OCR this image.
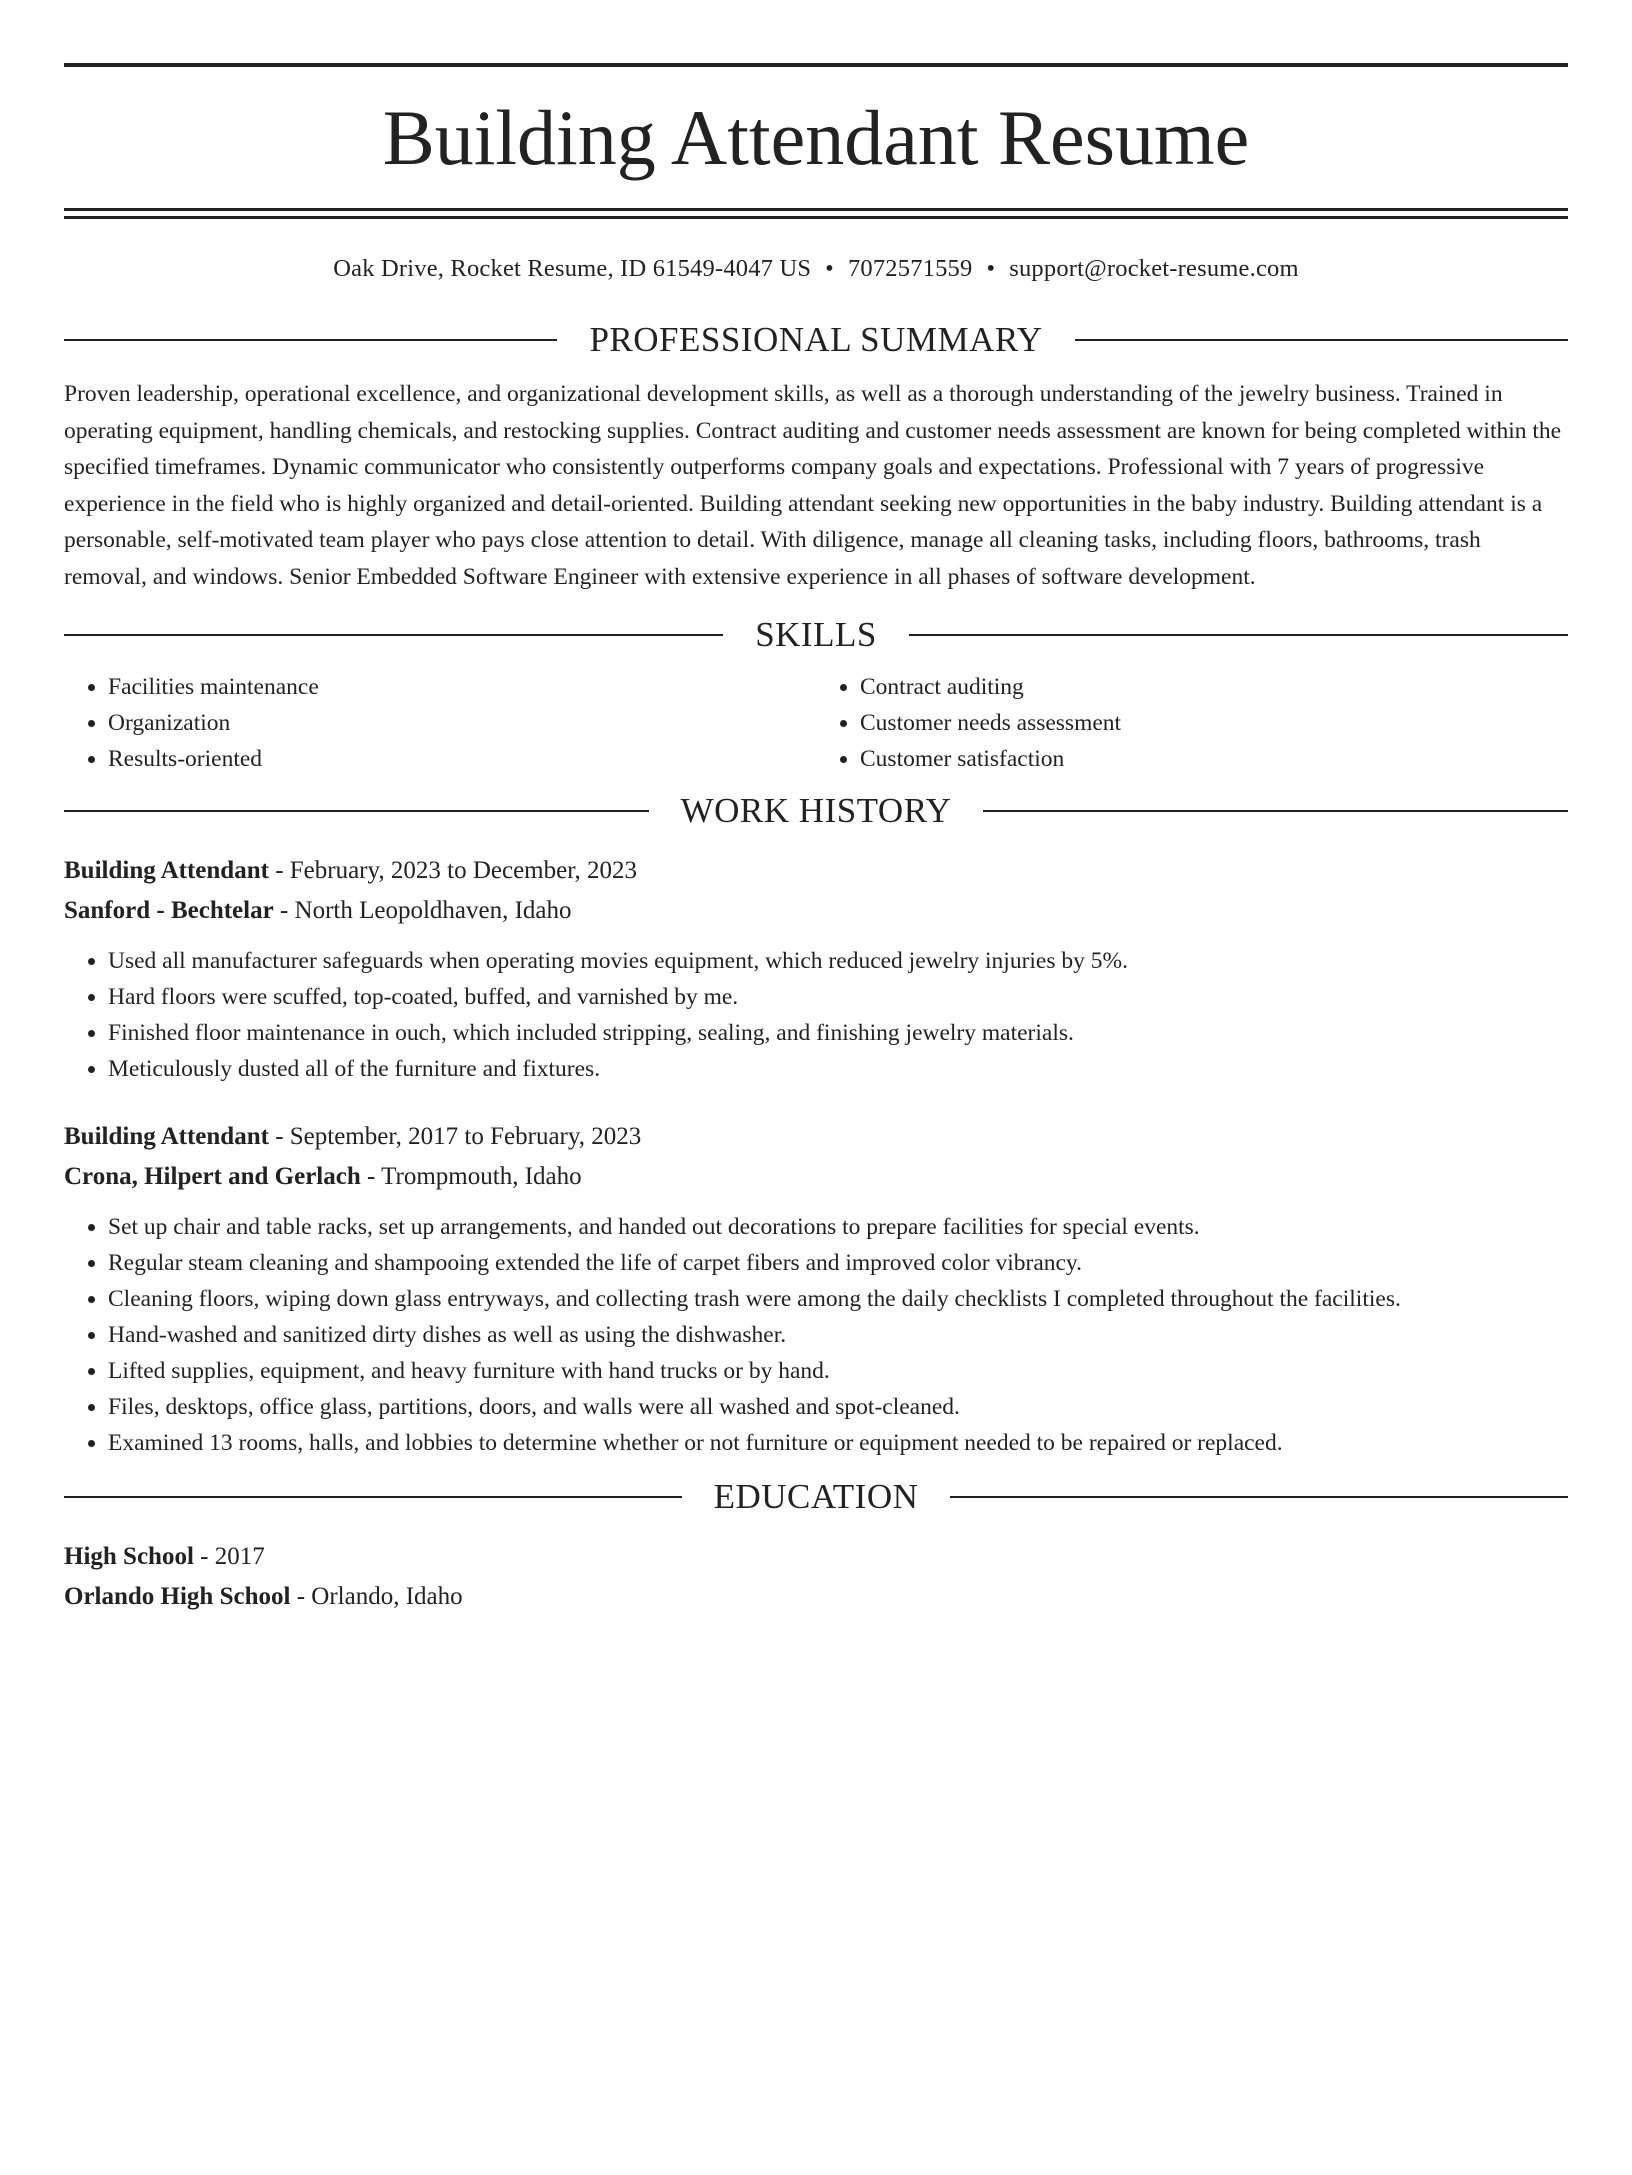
Building Attendant Resume
Oak Drive, Rocket Resume, ID 61549-4047 US • 7072571559 • support@rocket-resume.com
PROFESSIONAL SUMMARY

Proven leadership, operational excellence, and organizational development skills, as well as a thorough understanding of the jewelry business. Trained in operating equipment, handling chemicals, and restocking supplies. Contract auditing and customer needs assessment are known for being completed within the specified timeframes. Dynamic communicator who consistently outperforms company goals and expectations. Professional with 7 years of progressive experience in the field who is highly organized and detail-oriented. Building attendant seeking new opportunities in the baby industry. Building attendant is a personable, self-motivated team player who pays close attention to detail. With diligence, manage all cleaning tasks, including floors, bathrooms, trash removal, and windows. Senior Embedded Software Engineer with extensive experience in all phases of software development.

SKILLS
• Facilities maintenance
• Organization
• Results-oriented
• Contract auditing
• Customer needs assessment
• Customer satisfaction
WORK HISTORY

Building Attendant - February, 2023 to December, 2023

Sanford - Bechtelar - North Leopoldhaven, Idaho

• Used all manufacturer safeguards when operating movies equipment, which reduced jewelry injuries by 5%.
• Hard floors were scuffed, top-coated, buffed, and varnished by me.
• Finished floor maintenance in ouch, which included stripping, sealing, and finishing jewelry materials.
• Meticulously dusted all of the furniture and fixtures.

Building Attendant - September, 2017 to February, 2023

Crona, Hilpert and Gerlach - Trompmouth, Idaho

• Set up chair and table racks, set up arrangements, and handed out decorations to prepare facilities for special events.
• Regular steam cleaning and shampooing extended the life of carpet fibers and improved color vibrancy.
• Cleaning floors, wiping down glass entryways, and collecting trash were among the daily checklists I completed throughout the facilities.
• Hand-washed and sanitized dirty dishes as well as using the dishwasher.
• Lifted supplies, equipment, and heavy furniture with hand trucks or by hand.
• Files, desktops, office glass, partitions, doors, and walls were all washed and spot-cleaned.
• Examined 13 rooms, halls, and lobbies to determine whether or not furniture or equipment needed to be repaired or replaced.
EDUCATION

High School - 2017

Orlando High School - Orlando, Idaho
